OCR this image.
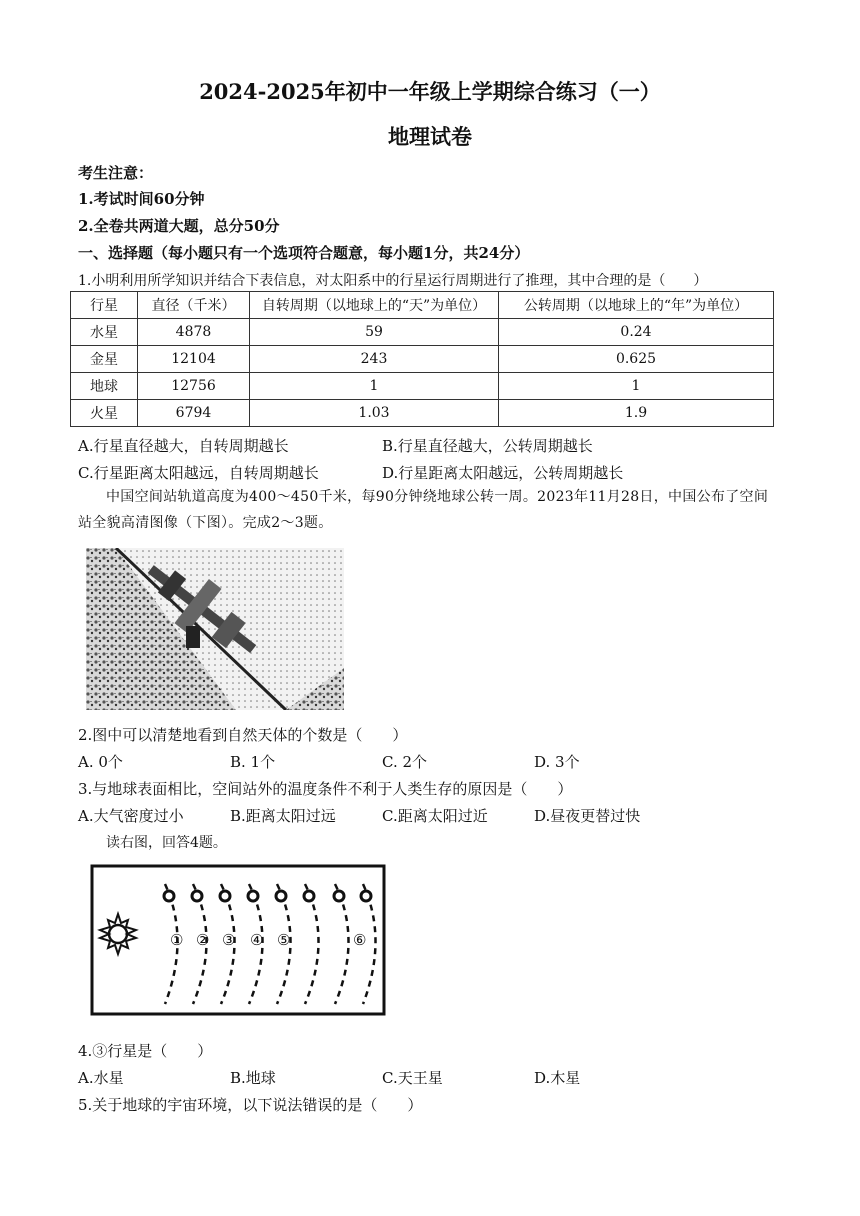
2024-2025年初中一年级上学期综合练习（一）
地理试卷
考生注意：
1.考试时间60分钟
2.全卷共两道大题，总分50分
一、选择题（每小题只有一个选项符合题意，每小题1分，共24分）
1.小明利用所学知识并结合下表信息，对太阳系中的行星运行周期进行了推理，其中合理的是（　　）
行星	直径（千米）	自转周期（以地球上的“天”为单位）	公转周期（以地球上的“年”为单位）
水星	4878	59	0.24
金星	12104	243	0.625
地球	12756	1	1
火星	6794	1.03	1.9
A.行星直径越大，自转周期越长	B.行星直径越大，公转周期越长
C.行星距离太阳越远，自转周期越长	D.行星距离太阳越远，公转周期越长
中国空间站轨道高度为400～450千米，每90分钟绕地球公转一周。2023年11月28日，中国公布了空间站全貌高清图像（下图）。完成2～3题。
2.图中可以清楚地看到自然天体的个数是（　　）
A. 0个	B. 1个	C. 2个	D. 3个
3.与地球表面相比，空间站外的温度条件不利于人类生存的原因是（　　）
A.大气密度过小	B.距离太阳过远	C.距离太阳过近	D.昼夜更替过快
读右图，回答4题。
① ② ③ ④ ⑤	⑥
4.③行星是（　　）
A.水星	B.地球	C.天王星	D.木星
5.关于地球的宇宙环境，以下说法错误的是（　　）
